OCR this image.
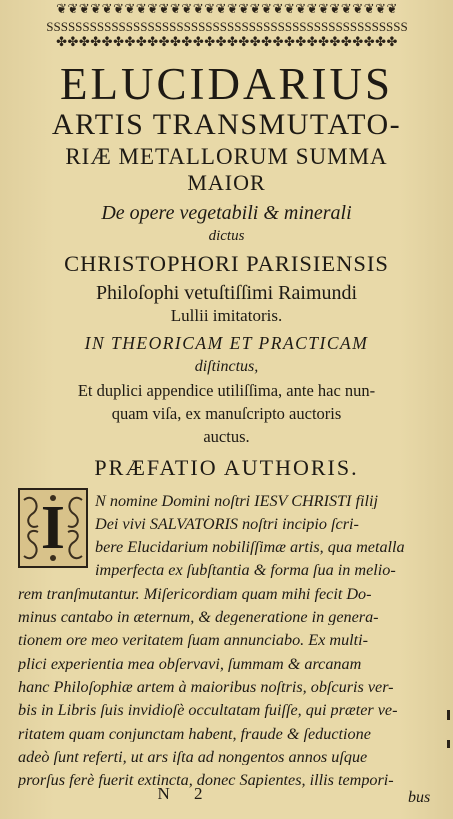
❦❦❦❦❦❦❦❦❦❦❦❦❦❦❦❦❦❦❦❦❦❦❦❦❦❦❦❦❦❦
SSSSSSSSSSSSSSSSSSSSSSSSSSSSSSSSSSSSSSSSSSSSSSSSSS
✤✤✤✤✤✤✤✤✤✤✤✤✤✤✤✤✤✤✤✤✤✤✤✤✤✤✤✤✤✤
ELUCIDARIUS
ARTIS TRANSMUTATO-
RIÆ METALLORUM SUMMA
MAIOR
De opere vegetabili & minerali
dictus
CHRISTOPHORI PARISIENSIS
Philoſophi vetuſtiſſimi Raimundi
Lullii imitatoris.
IN THEORICAM ET PRACTICAM
diſtinctus,
Et duplici appendice utiliſſima, ante hac nun-
quam viſa, ex manuſcripto auctoris
auctus.
PRÆFATIO AUTHORIS.
I	N nomine Domini noſtri IESV CHRISTI filij
Dei vivi SALVATORIS noſtri incipio ſcri-
bere Elucidarium nobiliſſimæ artis, qua metalla
imperfecta ex ſubſtantia & forma ſua in melio-
rem tranſmutantur. Miſericordiam quam mihi fecit Do-
minus cantabo in æternum, & degeneratione in genera-
tionem ore meo veritatem ſuam annunciabo. Ex multi-
plici experientia mea obſervavi, ſummam & arcanam
hanc Philoſophiæ artem à maioribus noſtris, obſcuris ver-
bis in Libris ſuis invidioſè occultatam fuiſſe, qui præter ve-
ritatem quam conjunctam habent, fraude & ſeductione
adeò ſunt referti, ut ars iſta ad nongentos annos uſque
prorſus ferè fuerit extincta, donec Sapientes, illis tempori-
N 2	bus
